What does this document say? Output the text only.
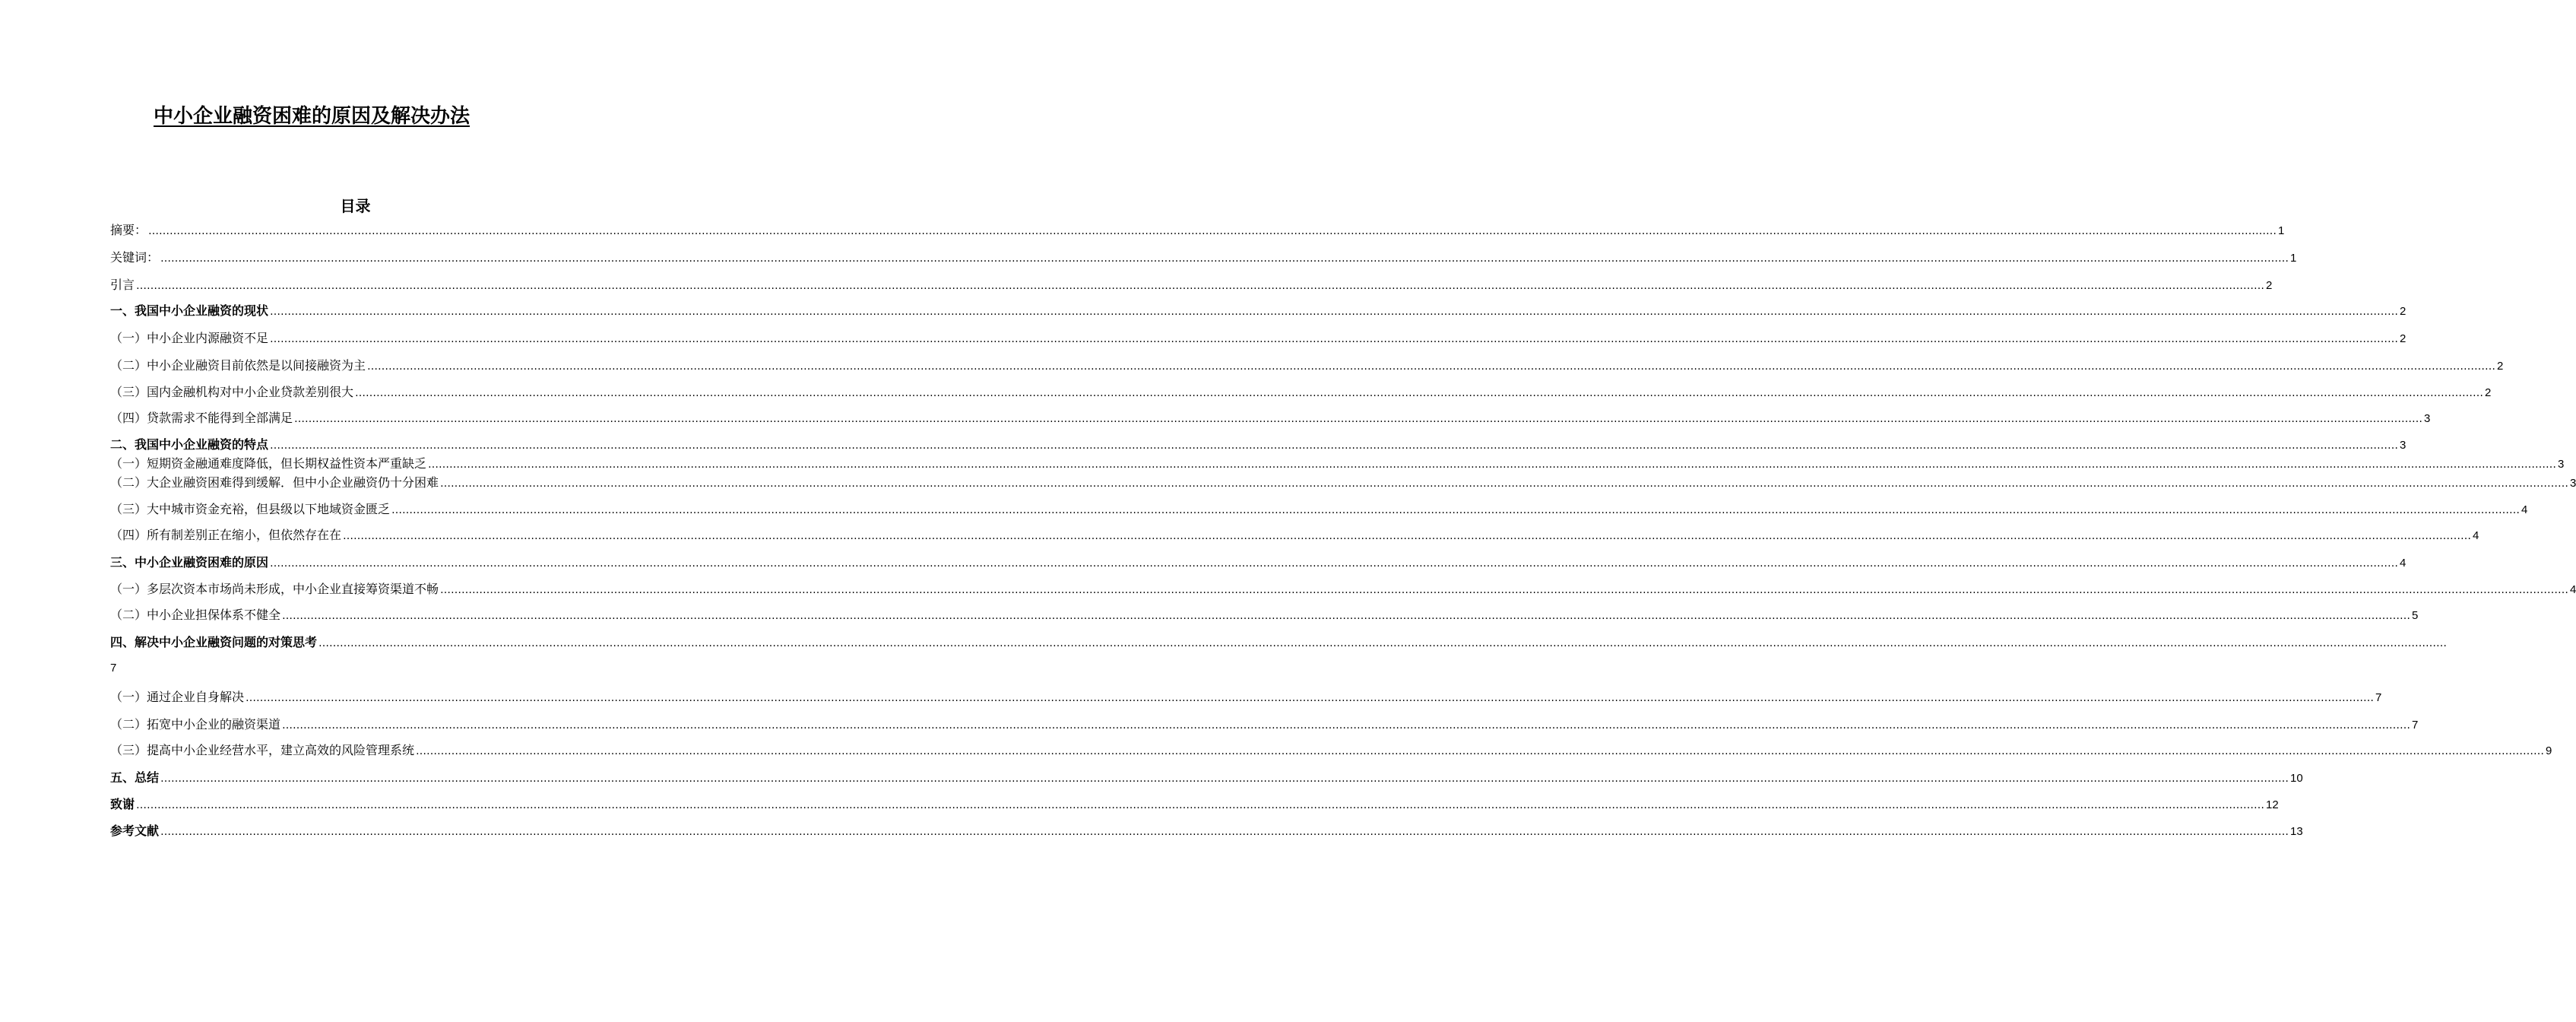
中小企业融资困难的原因及解决办法
目录
摘要： …………………………………………………………………………………………………………………………………………………………………………………………………………………………………………………………………………………………………………………………………………………………………………………………………………………………………………………………………………………………………………………………………………………… 1
关键词： …………………………………………………………………………………………………………………………………………………………………………………………………………………………………………………………………………………………………………………………………………………………………………………………………………………………………………………………………………………………………………………………………………………… 1
引言 …………………………………………………………………………………………………………………………………………………………………………………………………………………………………………………………………………………………………………………………………………………………………………………………………………………………………………………………………………………………………………………………………………………… 2
一、我国中小企业融资的现状 …………………………………………………………………………………………………………………………………………………………………………………………………………………………………………………………………………………………………………………………………………………………………………………………………………………………………………………………………………………………………………………………………………………… 2
（一）中小企业内源融资不足 …………………………………………………………………………………………………………………………………………………………………………………………………………………………………………………………………………………………………………………………………………………………………………………………………………………………………………………………………………………………………………………………………………………… 2
（二）中小企业融资目前依然是以间接融资为主 …………………………………………………………………………………………………………………………………………………………………………………………………………………………………………………………………………………………………………………………………………………………………………………………………………………………………………………………………………………………………………………………………………………… 2
（三）国内金融机构对中小企业贷款差别很大 …………………………………………………………………………………………………………………………………………………………………………………………………………………………………………………………………………………………………………………………………………………………………………………………………………………………………………………………………………………………………………………………………………………… 2
（四）贷款需求不能得到全部满足 …………………………………………………………………………………………………………………………………………………………………………………………………………………………………………………………………………………………………………………………………………………………………………………………………………………………………………………………………………………………………………………………………………………… 3
二、我国中小企业融资的特点 …………………………………………………………………………………………………………………………………………………………………………………………………………………………………………………………………………………………………………………………………………………………………………………………………………………………………………………………………………………………………………………………………………………… 3
（一）短期资金融通难度降低，但长期权益性资本严重缺乏 …………………………………………………………………………………………………………………………………………………………………………………………………………………………………………………………………………………………………………………………………………………………………………………………………………………………………………………………………………………………………………………………………………………… 3
（二）大企业融资困难得到缓解．但中小企业融资仍十分困难 …………………………………………………………………………………………………………………………………………………………………………………………………………………………………………………………………………………………………………………………………………………………………………………………………………………………………………………………………………………………………………………………………………………… 3
（三）大中城市资金充裕，但县级以下地域资金匮乏 …………………………………………………………………………………………………………………………………………………………………………………………………………………………………………………………………………………………………………………………………………………………………………………………………………………………………………………………………………………………………………………………………………………… 4
（四）所有制差别正在缩小，但依然存在在 …………………………………………………………………………………………………………………………………………………………………………………………………………………………………………………………………………………………………………………………………………………………………………………………………………………………………………………………………………………………………………………………………………………… 4
三、中小企业融资困难的原因 …………………………………………………………………………………………………………………………………………………………………………………………………………………………………………………………………………………………………………………………………………………………………………………………………………………………………………………………………………………………………………………………………………………… 4
（一）多层次资本市场尚未形成，中小企业直接筹资渠道不畅 …………………………………………………………………………………………………………………………………………………………………………………………………………………………………………………………………………………………………………………………………………………………………………………………………………………………………………………………………………………………………………………………………………………… 4
（二）中小企业担保体系不健全 …………………………………………………………………………………………………………………………………………………………………………………………………………………………………………………………………………………………………………………………………………………………………………………………………………………………………………………………………………………………………………………………………………………… 5
7
四、解决中小企业融资问题的对策思考 ……………………………………………………………………………………………………………………………………………………………………………………………………………………………………………………………………………………………………………………………………………………………………………………………………………………………………………………………………………………………………………………………………………………
（一）通过企业自身解决 …………………………………………………………………………………………………………………………………………………………………………………………………………………………………………………………………………………………………………………………………………………………………………………………………………………………………………………………………………………………………………………………………………………… 7
（二）拓宽中小企业的融资渠道 …………………………………………………………………………………………………………………………………………………………………………………………………………………………………………………………………………………………………………………………………………………………………………………………………………………………………………………………………………………………………………………………………………………… 7
（三）提高中小企业经营水平，建立高效的风险管理系统 …………………………………………………………………………………………………………………………………………………………………………………………………………………………………………………………………………………………………………………………………………………………………………………………………………………………………………………………………………………………………………………………………………………… 9
五、总结 …………………………………………………………………………………………………………………………………………………………………………………………………………………………………………………………………………………………………………………………………………………………………………………………………………………………………………………………………………………………………………………………………………………… 10
致谢 …………………………………………………………………………………………………………………………………………………………………………………………………………………………………………………………………………………………………………………………………………………………………………………………………………………………………………………………………………………………………………………………………………………… 12
参考文献 …………………………………………………………………………………………………………………………………………………………………………………………………………………………………………………………………………………………………………………………………………………………………………………………………………………………………………………………………………………………………………………………………………………… 13
